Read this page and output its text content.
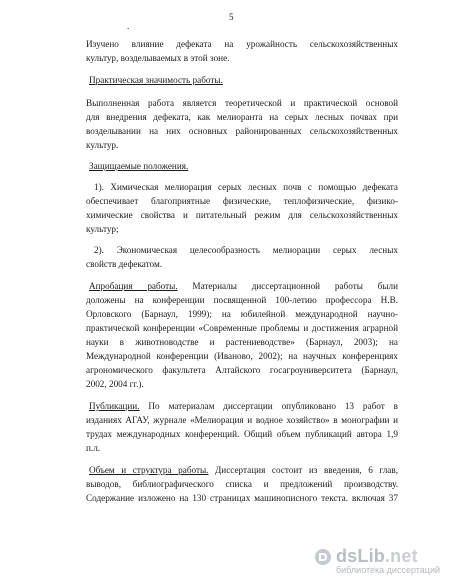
5
.
Изучено влияние дефеката на урожайность сельскохозяйственных
культур, возделываемых в этой зоне.
Практическая значимость работы.
Выполненная работа является теоретической и практической основой
для внедрения дефеката, как мелиоранта на серых лесных почвах при
возделывании на них основных районированных сельскохозяйственных
культур.
Защищаемые положения.
1). Химическая мелиорация серых лесных почв с помощью дефеката
обеспечивает благоприятные физические, теплофизические, физико-
химические свойства и питательный режим для сельскохозяйственных
культур;
2). Экономическая целесообразность мелиорации серых лесных
свойств дефекатом.
Апробация работы. Материалы диссертационной работы были
доложены на конференции посвященной 100-летию профессора Н.В.
Орловского (Барнаул, 1999); на юбилейной международной научно-
практической конференции «Современные проблемы и достижения аграрной
науки в животноводстве и растениеводстве» (Барнаул, 2003); на
Международной конференции (Иваново, 2002); на научных конференциях
агрономического факультета Алтайского госагроуниверситета (Барнаул,
2002, 2004 гг.).
Публикации. По материалам диссертации опубликовано 13 работ в
изданиях АГАУ, журнале «Мелиорация и водное хозяйство» в монографии и
трудах международных конференций. Общий объем публикаций автора 1,9
п.л.
Объем и структура работы. Диссертация состоит из введения, 6 глав,
выводов, библиографического списка и предложений производству.
Содержание изложено на 130 страницах машинописного текста. включая 37
dsLib.net
библиотека диссертаций
